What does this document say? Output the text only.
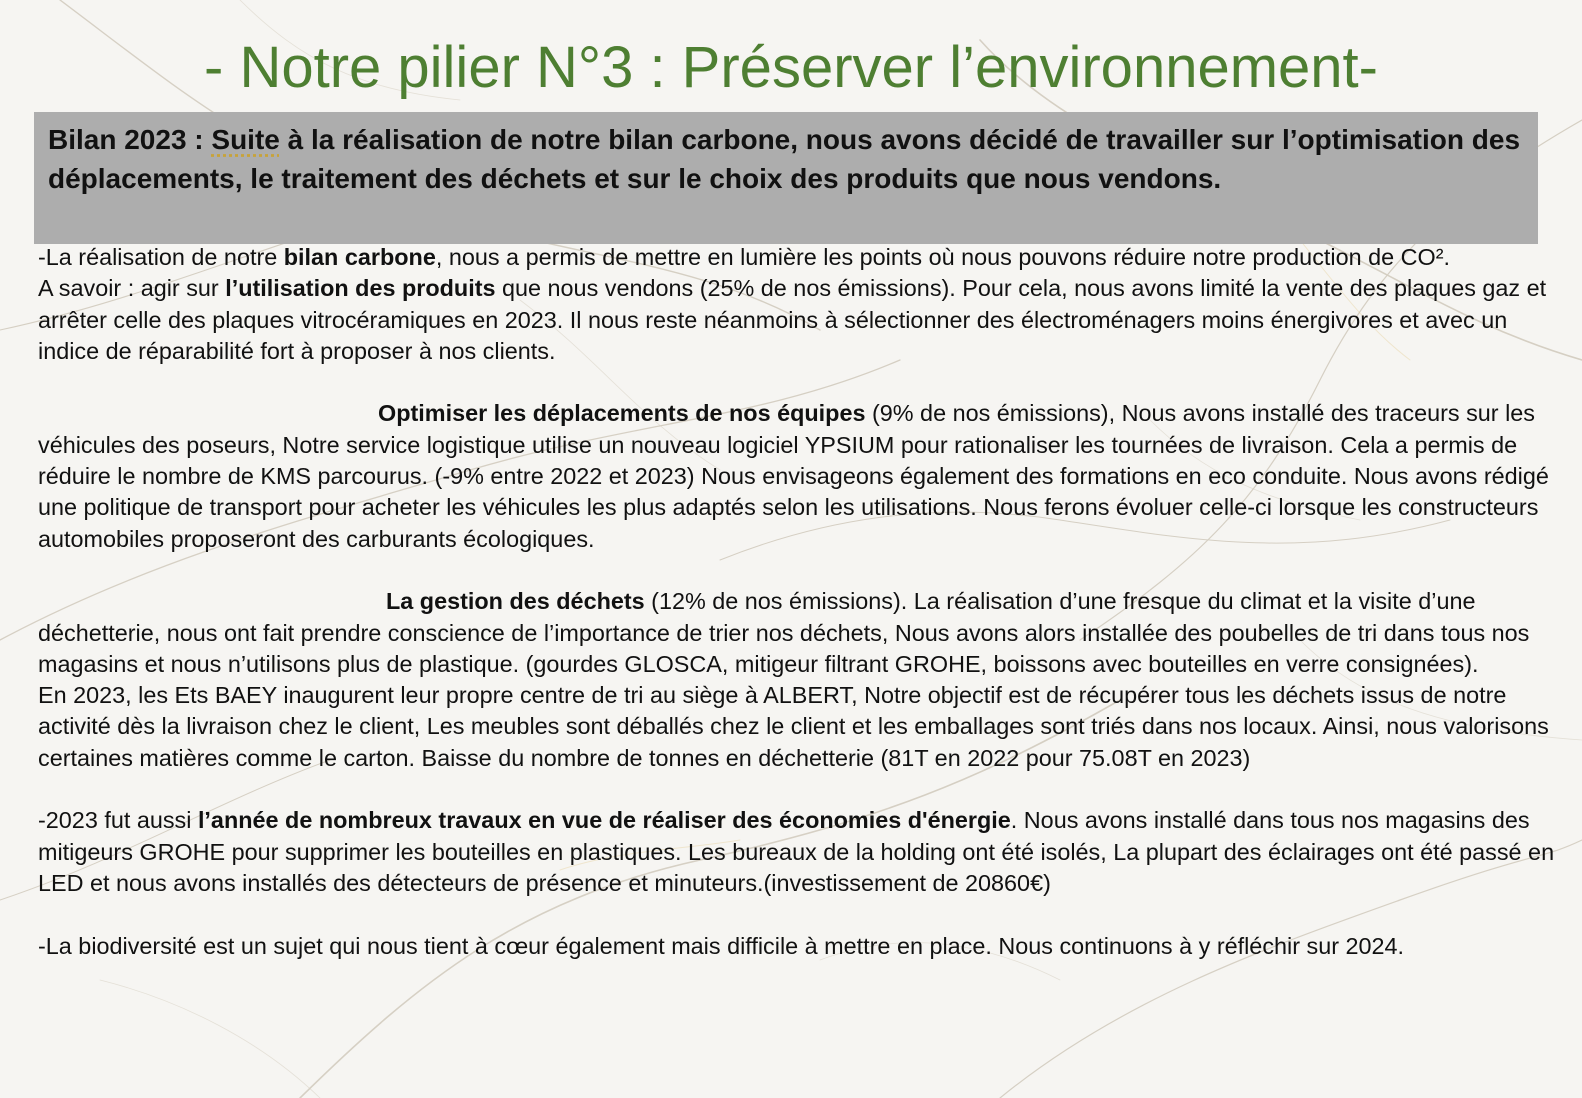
- Notre pilier N°3 : Préserver l’environnement-
Bilan 2023 : Suite à la réalisation de notre bilan carbone, nous avons décidé de travailler sur l’optimisation des déplacements, le traitement des déchets et sur le choix des produits que nous vendons.

-La réalisation de notre bilan carbone, nous a permis de mettre en lumière les points où nous pouvons réduire notre production de CO².

A savoir : agir sur l’utilisation des produits que nous vendons (25% de nos émissions). Pour cela, nous avons limité la vente des plaques gaz et arrêter celle des plaques vitrocéramiques en 2023. Il nous reste néanmoins à sélectionner des électroménagers moins énergivores et avec un indice de réparabilité fort à proposer à nos clients.

Optimiser les déplacements de nos équipes (9% de nos émissions), Nous avons installé des traceurs sur les véhicules des poseurs, Notre service logistique utilise un nouveau logiciel YPSIUM pour rationaliser les tournées de livraison. Cela a permis de réduire le nombre de KMS parcourus. (-9% entre 2022 et 2023) Nous envisageons également des formations en eco conduite. Nous avons rédigé une politique de transport pour acheter les véhicules les plus adaptés selon les utilisations. Nous ferons évoluer celle-ci lorsque les constructeurs automobiles proposeront des carburants écologiques.

La gestion des déchets (12% de nos émissions). La réalisation d’une fresque du climat et la visite d’une déchetterie, nous ont fait prendre conscience de l’importance de trier nos déchets, Nous avons alors installée des poubelles de tri dans tous nos magasins et nous n’utilisons plus de plastique. (gourdes GLOSCA, mitigeur filtrant GROHE, boissons avec bouteilles en verre consignées).

En 2023, les Ets BAEY inaugurent leur propre centre de tri au siège à ALBERT, Notre objectif est de récupérer tous les déchets issus de notre activité dès la livraison chez le client, Les meubles sont déballés chez le client et les emballages sont triés dans nos locaux. Ainsi, nous valorisons certaines matières comme le carton. Baisse du nombre de tonnes en déchetterie (81T en 2022 pour 75.08T en 2023)

-2023 fut aussi l’année de nombreux travaux en vue de réaliser des économies d'énergie. Nous avons installé dans tous nos magasins des mitigeurs GROHE pour supprimer les bouteilles en plastiques. Les bureaux de la holding ont été isolés, La plupart des éclairages ont été passé en LED et nous avons installés des détecteurs de présence et minuteurs.(investissement de 20860€)

-La biodiversité est un sujet qui nous tient à cœur également mais difficile à mettre en place. Nous continuons à y réfléchir sur 2024.
